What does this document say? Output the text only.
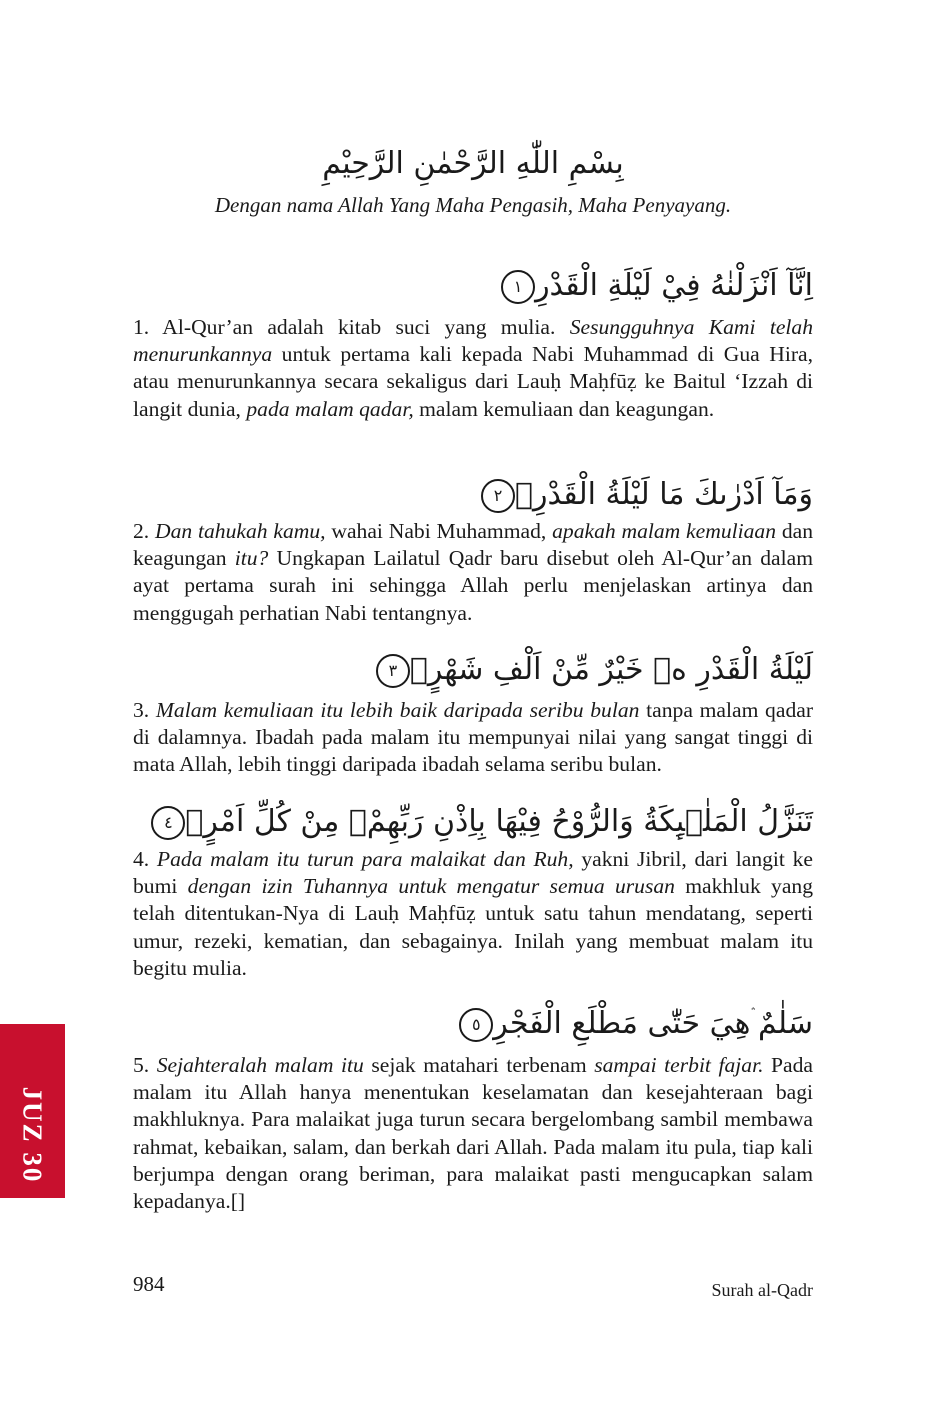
بِسْمِ اللّٰهِ الرَّحْمٰنِ الرَّحِيْمِ
Dengan nama Allah Yang Maha Pengasih, Maha Penyayang.
اِنَّآ اَنْزَلْنٰهُ فِيْ لَيْلَةِ الْقَدْرِ١

1. Al-Qur’an adalah kitab suci yang mulia. Sesungguhnya Kami telah menurunkannya untuk pertama kali kepada Nabi Muhammad di Gua Hira, atau menurunkannya secara sekaligus dari Lauḥ Maḥfūẓ ke Baitul ‘Izzah di langit dunia, pada malam qadar, malam kemuliaan dan keagungan.

وَمَآ اَدْرٰىكَ مَا لَيْلَةُ الْقَدْرِۗ٢

2. Dan tahukah kamu, wahai Nabi Muhammad, apakah malam kemuliaan dan keagungan itu? Ungkapan Lailatul Qadr baru disebut oleh Al-Qur’an dalam ayat pertama surah ini sehingga Allah perlu menjelaskan artinya dan menggugah perhatian Nabi tentangnya.

لَيْلَةُ الْقَدْرِ ەۙ خَيْرٌ مِّنْ اَلْفِ شَهْرٍۗ٣

3. Malam kemuliaan itu lebih baik daripada seribu bulan tanpa malam qadar di dalamnya. Ibadah pada malam itu mempunyai nilai yang sangat tinggi di mata Allah, lebih tinggi daripada ibadah selama seribu bulan.

تَنَزَّلُ الْمَلٰۤىِٕكَةُ وَالرُّوْحُ فِيْهَا بِاِذْنِ رَبِّهِمْۚ مِنْ كُلِّ اَمْرٍۛ٤

4. Pada malam itu turun para malaikat dan Ruh, yakni Jibril, dari langit ke bumi dengan izin Tuhannya untuk mengatur semua urusan makhluk yang telah ditentukan-Nya di Lauḥ Maḥfūẓ untuk satu tahun mendatang, seperti umur, rezeki, kematian, dan sebagainya. Inilah yang membuat malam itu begitu mulia.

سَلٰمٌ ۛهِيَ حَتّٰى مَطْلَعِ الْفَجْرِ٥

5. Sejahteralah malam itu sejak matahari terbenam sampai terbit fajar. Pada malam itu Allah hanya menentukan keselamatan dan kesejahteraan bagi makhluknya. Para malaikat juga turun secara bergelombang sambil membawa rahmat, kebaikan, salam, dan berkah dari Allah. Pada malam itu pula, tiap kali berjumpa dengan orang beriman, para malaikat pasti mengucapkan salam kepadanya.[]

JUZ 30
984	Surah al-Qadr
